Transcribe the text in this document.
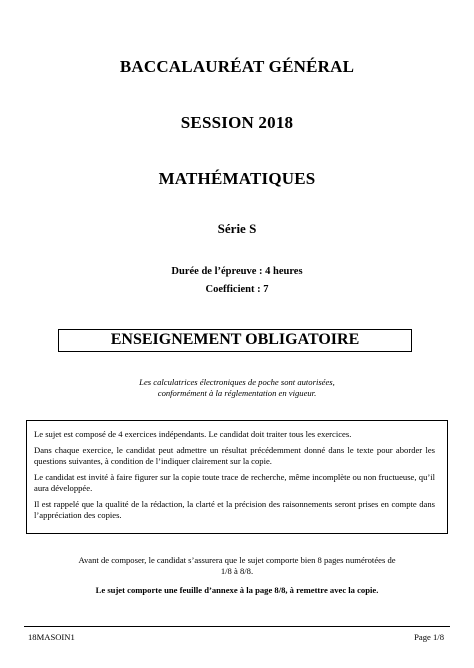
BACCALAURÉAT GÉNÉRAL
SESSION 2018
MATHÉMATIQUES
Série S
Durée de l’épreuve : 4 heures
Coefficient : 7
ENSEIGNEMENT OBLIGATOIRE
Les calculatrices électroniques de poche sont autorisées,
conformément à la réglementation en vigueur.

Le sujet est composé de 4 exercices indépendants. Le candidat doit traiter tous les exercices.

Dans chaque exercice, le candidat peut admettre un résultat précédemment donné dans le texte pour aborder les questions suivantes, à condition de l’indiquer clairement sur la copie.

Le candidat est invité à faire figurer sur la copie toute trace de recherche, même incomplète ou non fructueuse, qu’il aura développée.

Il est rappelé que la qualité de la rédaction, la clarté et la précision des raisonnements seront prises en compte dans l’appréciation des copies.

Avant de composer, le candidat s’assurera que le sujet comporte bien 8 pages numérotées de
1/8 à 8/8.
Le sujet comporte une feuille d’annexe à la page 8/8, à remettre avec la copie.
18MASOIN1	Page 1/8
